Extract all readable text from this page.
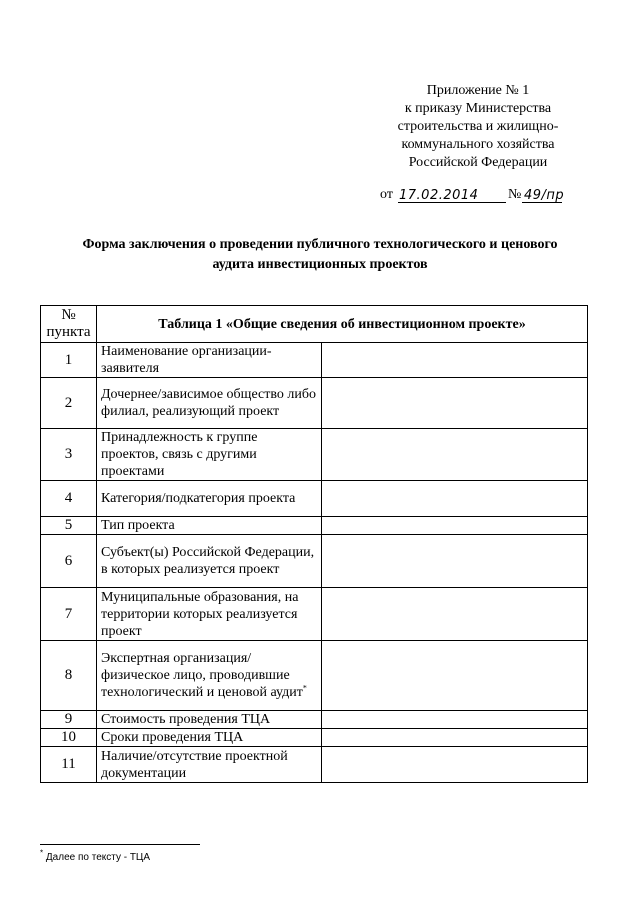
Приложение № 1
к приказу Министерства
строительства и жилищно-
коммунального хозяйства
Российской Федерации
от 17.02.2014 № 49/пр
Форма заключения о проведении публичного технологического и ценового
аудита инвестиционных проектов
№
пункта	Таблица 1 «Общие сведения об инвестиционном проекте»	
1	Наименование организации-заявителя	
2	Дочернее/зависимое общество либо филиал, реализующий проект	
3	Принадлежность к группе проектов, связь с другими проектами	
4	Категория/подкатегория проекта	
5	Тип проекта	
6	Субъект(ы) Российской Федерации, в которых реализуется проект	
7	Муниципальные образования, на территории которых реализуется проект	
8	Экспертная организация/физическое лицо, проводившие технологический и ценовой аудит*	
9	Стоимость проведения ТЦА	
10	Сроки проведения ТЦА	
11	Наличие/отсутствие проектной документации	
* Далее по тексту - ТЦА
